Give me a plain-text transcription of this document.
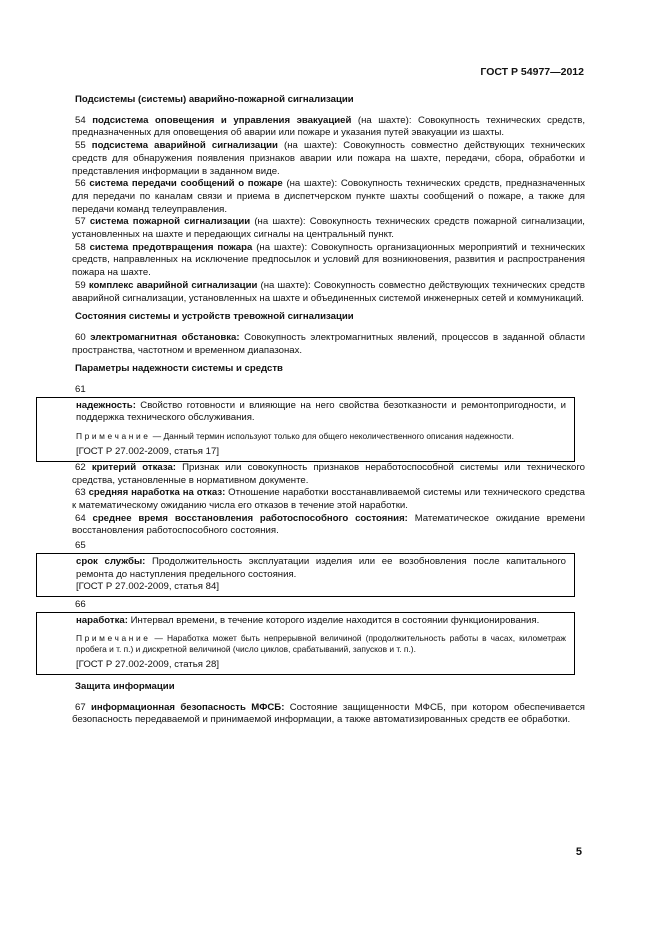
ГОСТ Р 54977—2012

Подсистемы (системы) аварийно-пожарной сигнализации

54 подсистема оповещения и управления эвакуацией (на шахте): Совокупность технических средств, предназначенных для оповещения об аварии или пожаре и указания путей эвакуации из шахты.

55 подсистема аварийной сигнализации (на шахте): Совокупность совместно действующих технических средств для обнаружения появления признаков аварии или пожара на шахте, передачи, сбора, обработки и представления информации в заданном виде.

56 система передачи сообщений о пожаре (на шахте): Совокупность технических средств, предназначенных для передачи по каналам связи и приема в диспетчерском пункте шахты сообщений о пожаре, а также для передачи команд телеуправления.

57 система пожарной сигнализации (на шахте): Совокупность технических средств пожарной сигнализации, установленных на шахте и передающих сигналы на центральный пункт.

58 система предотвращения пожара (на шахте): Совокупность организационных мероприятий и технических средств, направленных на исключение предпосылок и условий для возникновения, развития и распространения пожара на шахте.

59 комплекс аварийной сигнализации (на шахте): Совокупность совместно действующих технических средств аварийной сигнализации, установленных на шахте и объединенных системой инженерных сетей и коммуникаций.

Состояния системы и устройств тревожной сигнализации

60 электромагнитная обстановка: Совокупность электромагнитных явлений, процессов в заданной области пространства, частотном и временном диапазонах.

Параметры надежности системы и средств

61

надежность: Свойство готовности и влияющие на него свойства безотказности и ремонтопригодности, и поддержка технического обслуживания.

Примечание — Данный термин используют только для общего неколичественного описания надежности.

[ГОСТ Р 27.002-2009, статья 17]

62 критерий отказа: Признак или совокупность признаков неработоспособной системы или технического средства, установленные в нормативном документе.

63 средняя наработка на отказ: Отношение наработки восстанавливаемой системы или технического средства к математическому ожиданию числа его отказов в течение этой наработки.

64 среднее время восстановления работоспособного состояния: Математическое ожидание времени восстановления работоспособного состояния.

65

срок службы: Продолжительность эксплуатации изделия или ее возобновления после капитального ремонта до наступления предельного состояния.

[ГОСТ Р 27.002-2009, статья 84]

66

наработка: Интервал времени, в течение которого изделие находится в состоянии функционирования.

Примечание — Наработка может быть непрерывной величиной (продолжительность работы в часах, километраж пробега и т. п.) и дискретной величиной (число циклов, срабатываний, запусков и т. п.).

[ГОСТ Р 27.002-2009, статья 28]

Защита информации

67 информационная безопасность МФСБ: Состояние защищенности МФСБ, при котором обеспечивается безопасность передаваемой и принимаемой информации, а также автоматизированных средств ее обработки.

5
